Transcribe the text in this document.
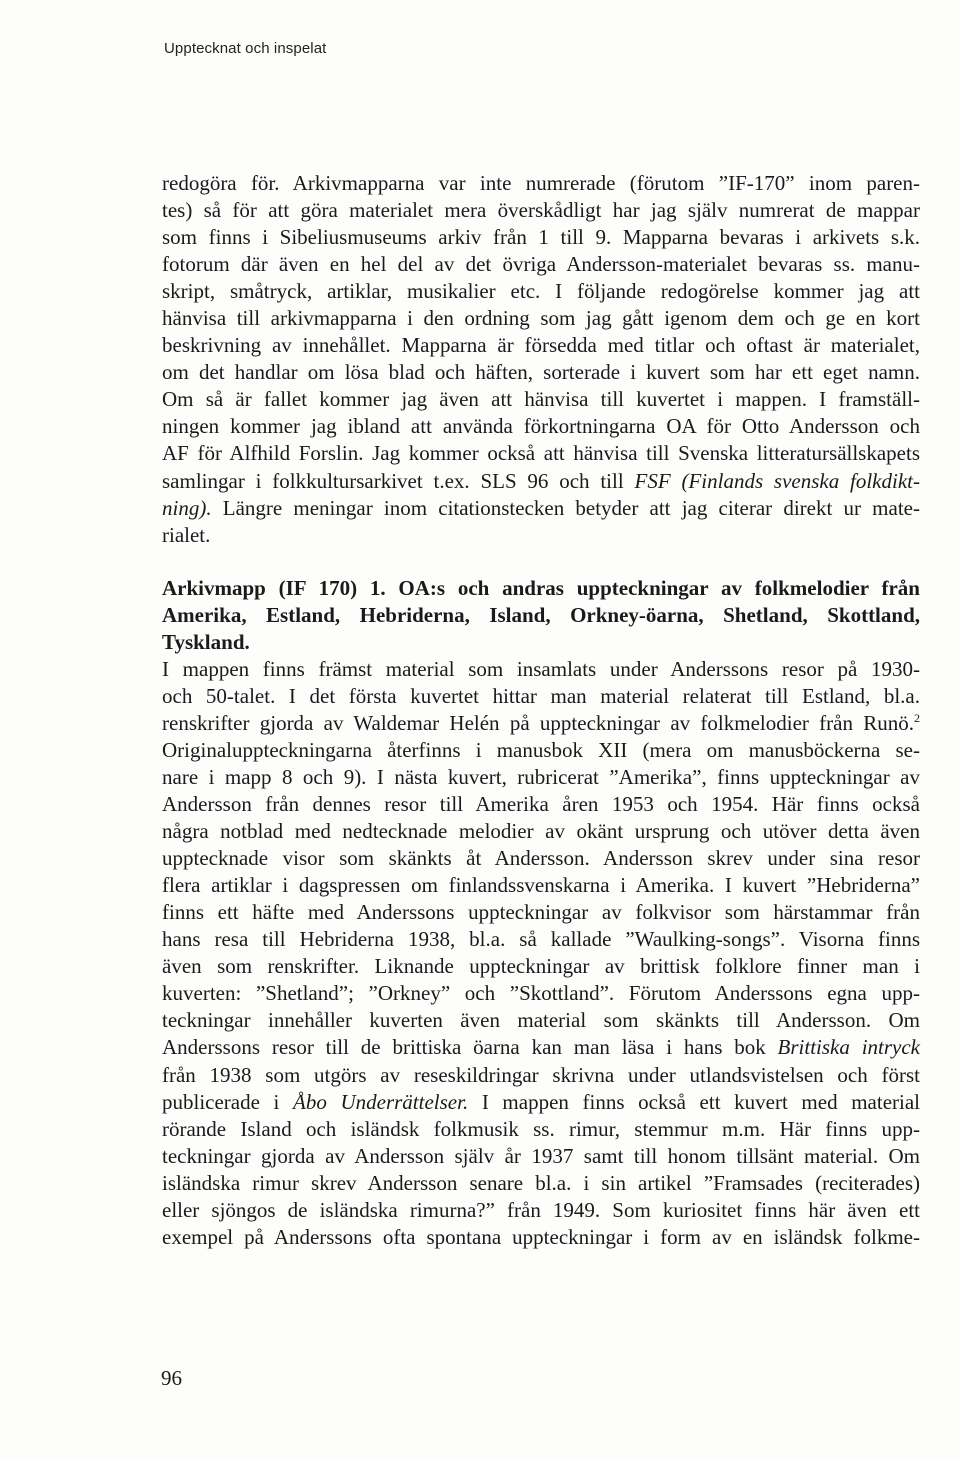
Upptecknat och inspelat

redogöra för. Arkivmapparna var inte numrerade (förutom ”IF-170” inom paren-
tes) så för att göra materialet mera överskådligt har jag själv numrerat de mappar
som finns i Sibeliusmuseums arkiv från 1 till 9. Mapparna bevaras i arkivets s.k.
fotorum där även en hel del av det övriga Andersson-materialet bevaras ss. manu-
skript, småtryck, artiklar, musikalier etc. I följande redogörelse kommer jag att
hänvisa till arkivmapparna i den ordning som jag gått igenom dem och ge en kort
beskrivning av innehållet. Mapparna är försedda med titlar och oftast är materialet,
om det handlar om lösa blad och häften, sorterade i kuvert som har ett eget namn.
Om så är fallet kommer jag även att hänvisa till kuvertet i mappen. I framställ-
ningen kommer jag ibland att använda förkortningarna OA för Otto Andersson och
AF för Alfhild Forslin. Jag kommer också att hänvisa till Svenska litteratursällskapets
samlingar i folkkultursarkivet t.ex. SLS 96 och till FSF (Finlands svenska folkdikt-
ning). Längre meningar inom citationstecken betyder att jag citerar direkt ur mate-
rialet.

Arkivmapp (IF 170) 1. OA:s och andras uppteckningar av folkmelodier från
Amerika, Estland, Hebriderna, Island, Orkney-öarna, Shetland, Skottland,
Tyskland.

I mappen finns främst material som insamlats under Anderssons resor på 1930-
och 50-talet. I det första kuvertet hittar man material relaterat till Estland, bl.a.
renskrifter gjorda av Waldemar Helén på uppteckningar av folkmelodier från Runö.$^2$
Originaluppteckningarna återfinns i manusbok XII (mera om manusböckerna se-
nare i mapp 8 och 9). I nästa kuvert, rubricerat ”Amerika”, finns uppteckningar av
Andersson från dennes resor till Amerika åren 1953 och 1954. Här finns också
några notblad med nedtecknade melodier av okänt ursprung och utöver detta även
upptecknade visor som skänkts åt Andersson. Andersson skrev under sina resor
flera artiklar i dagspressen om finlandssvenskarna i Amerika. I kuvert ”Hebriderna”
finns ett häfte med Anderssons uppteckningar av folkvisor som härstammar från
hans resa till Hebriderna 1938, bl.a. så kallade ”Waulking-songs”. Visorna finns
även som renskrifter. Liknande uppteckningar av brittisk folklore finner man i
kuverten: ”Shetland”; ”Orkney” och ”Skottland”. Förutom Anderssons egna upp-
teckningar innehåller kuverten även material som skänkts till Andersson. Om
Anderssons resor till de brittiska öarna kan man läsa i hans bok Brittiska intryck
från 1938 som utgörs av reseskildringar skrivna under utlandsvistelsen och först
publicerade i Åbo Underrättelser. I mappen finns också ett kuvert med material
rörande Island och isländsk folkmusik ss. rimur, stemmur m.m. Här finns upp-
teckningar gjorda av Andersson själv år 1937 samt till honom tillsänt material. Om
isländska rimur skrev Andersson senare bl.a. i sin artikel ”Framsades (reciterades)
eller sjöngos de isländska rimurna?” från 1949. Som kuriositet finns här även ett
exempel på Anderssons ofta spontana uppteckningar i form av en isländsk folkme-

96
